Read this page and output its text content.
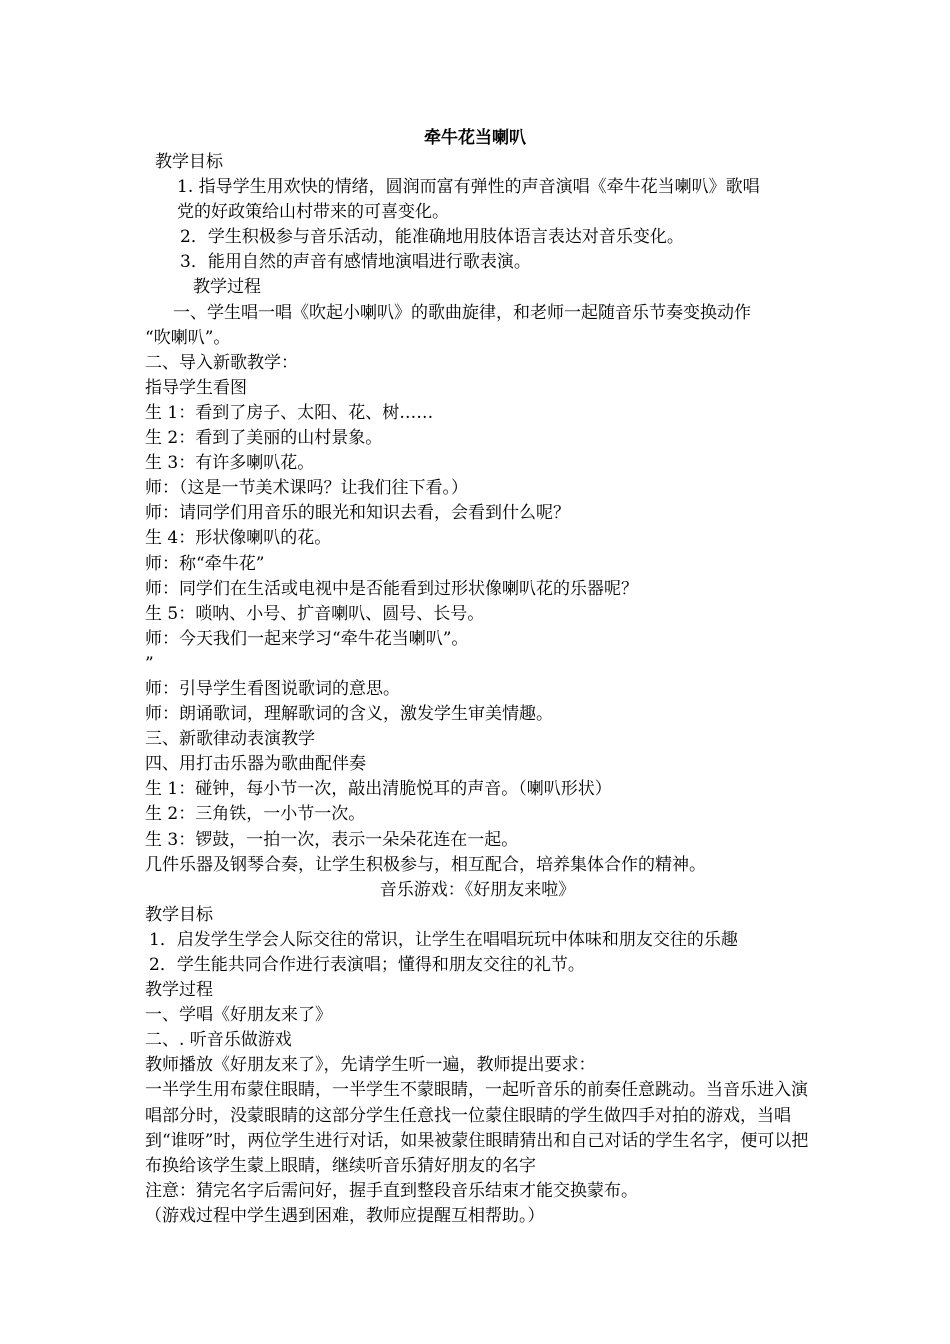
牵牛花当喇叭
教学目标
1. 指导学生用欢快的情绪，圆润而富有弹性的声音演唱《牵牛花当喇叭》歌唱
党的好政策给山村带来的可喜变化。
2．学生积极参与音乐活动，能准确地用肢体语言表达对音乐变化。
3．能用自然的声音有感情地演唱进行歌表演。
教学过程
一、学生唱一唱《吹起小喇叭》的歌曲旋律，和老师一起随音乐节奏变换动作
“吹喇叭”。
二、导入新歌教学：
指导学生看图
生 1：看到了房子、太阳、花、树……
生 2：看到了美丽的山村景象。
生 3：有许多喇叭花。
师：（这是一节美术课吗？让我们往下看。）
师：请同学们用音乐的眼光和知识去看，会看到什么呢？
生 4：形状像喇叭的花。
师：称“牵牛花”
师：同学们在生活或电视中是否能看到过形状像喇叭花的乐器呢？
生 5：唢呐、小号、扩音喇叭、圆号、长号。
师：今天我们一起来学习“牵牛花当喇叭”。
”
师：引导学生看图说歌词的意思。
师：朗诵歌词，理解歌词的含义，激发学生审美情趣。
三、新歌律动表演教学
四、用打击乐器为歌曲配伴奏
生 1：碰钟，每小节一次，敲出清脆悦耳的声音。（喇叭形状）
生 2：三角铁，一小节一次。
生 3：锣鼓，一拍一次，表示一朵朵花连在一起。
几件乐器及钢琴合奏，让学生积极参与，相互配合，培养集体合作的精神。
音乐游戏：《好朋友来啦》
教学目标
1．启发学生学会人际交往的常识，让学生在唱唱玩玩中体味和朋友交往的乐趣
2．学生能共同合作进行表演唱；懂得和朋友交往的礼节。
教学过程
一、学唱《好朋友来了》
二、. 听音乐做游戏
教师播放《好朋友来了》，先请学生听一遍，教师提出要求：
一半学生用布蒙住眼睛，一半学生不蒙眼睛，一起听音乐的前奏任意跳动。当音乐进入演唱部分时，没蒙眼睛的这部分学生任意找一位蒙住眼睛的学生做四手对拍的游戏，当唱到“谁呀”时，两位学生进行对话，如果被蒙住眼睛猜出和自己对话的学生名字，便可以把布换给该学生蒙上眼睛，继续听音乐猜好朋友的名字
注意：猜完名字后需问好，握手直到整段音乐结束才能交换蒙布。
（游戏过程中学生遇到困难，教师应提醒互相帮助。）
